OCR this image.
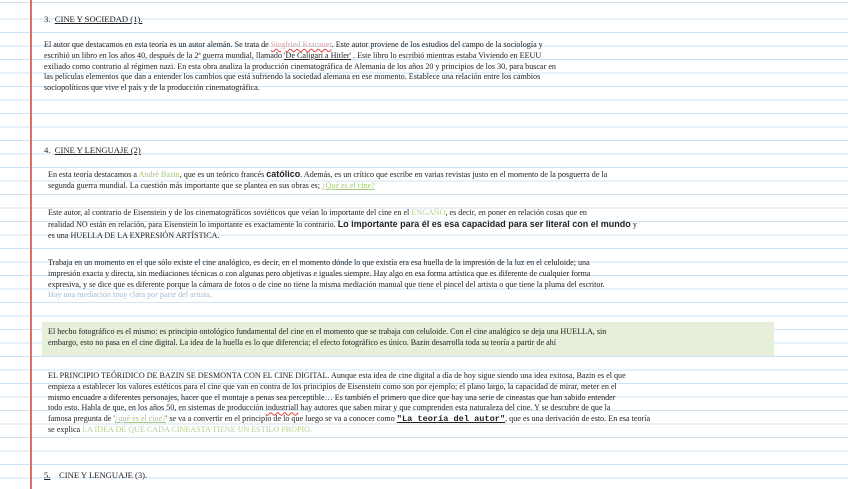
3. CINE Y SOCIEDAD (1).
El autor que destacamos en esta teoría es un autor alemán. Se trata de Siegfried Kracauer. Este autor proviene de los estudios del campo de la sociología y
escribió un libro en los años 40, después de la 2ª guerra mundial, llamado 'De Caligari a Hitler' . Este libro lo escribió mientras estaba Viviendo en EEUU
exiliado como contrario al régimen nazi. En esta obra analiza la producción cinematográfica de Alemania de los años 20 y principios de los 30, para buscar en
las películas elementos que dan a entender los cambios que está sufriendo la sociedad alemana en ese momento. Establece una relación entre los cambios
sociopolíticos que vive el país y de la producción cinematográfica.
4. CINE Y LENGUAJE (2)
En esta teoría destacamos a André Bazin, que es un teórico francés católico. Además, es un crítico que escribe en varias revistas justo en el momento de la posguerra de la
segunda guerra mundial. La cuestión más importante que se plantea en sus obras es; ¿Qué es el cine?
Este autor, al contrario de Eisenstein y de los cinematográficos soviéticos que veían lo importante del cine en el ENGAÑO, es decir, en poner en relación cosas que en
realidad NO están en relación, para Eisenstein lo importante es exactamente lo contrario. Lo importante para él es esa capacidad para ser literal con el mundo y
es una HUELLA DE LA EXPRESIÓN ARTÍSTICA.
Trabaja en un momento en el que sólo existe el cine analógico, es decir, en el momento dónde lo que existía era esa huella de la impresión de la luz en el celuloide; una
impresión exacta y directa, sin mediaciones técnicas o con algunas pero objetivas e iguales siempre. Hay algo en esa forma artística que es diferente de cualquier forma
expresiva, y se dice que es diferente porque la cámara de fotos o de cine no tiene la misma mediación manual que tiene el pincel del artista o que tiene la pluma del escritor.
Hay una mediación muy clara por parte del artista.
El hecho fotográfico es el mismo: es principio ontológico fundamental del cine en el momento que se trabaja con celuloide. Con el cine analógico se deja una HUELLA, sin
embargo, esto no pasa en el cine digital. La idea de la huella es lo que diferencia; el efecto fotográfico es único. Bazin desarrolla toda su teoría a partir de ahí
EL PRINCIPIO TEÓRIDICO DE BAZIN SE DESMONTA CON EL CINE DIGITAL. Aunque esta idea de cine digital a día de hoy sigue siendo una idea exitosa, Bazin es el que
empieza a establecer los valores estéticos para el cine que van en contra de los principios de Eisenstein como son por ejemplo; el plano largo, la capacidad de mirar, meter en el
mismo encuadre a diferentes personajes, hacer que el montaje a penas sea perceptible… Es también el primero que dice que hay una serie de cineastas que han sabido entender
todo esto. Habla de que, en los años 50, en sistemas de producción industriall hay autores que saben mirar y que comprenden esta naturaleza del cine. Y se descubre de que la
famosa pregunta de '¿qué es el cine?' se va a convertir en el principio de lo que luego se va a conocer como "La teoría del autor", que es una derivación de esto. En esa teoría
se explica LA IDEA DE QUE CADA CINEASTA TIENE UN ESTILO PROPIO.
5. CINE Y LENGUAJE (3).
